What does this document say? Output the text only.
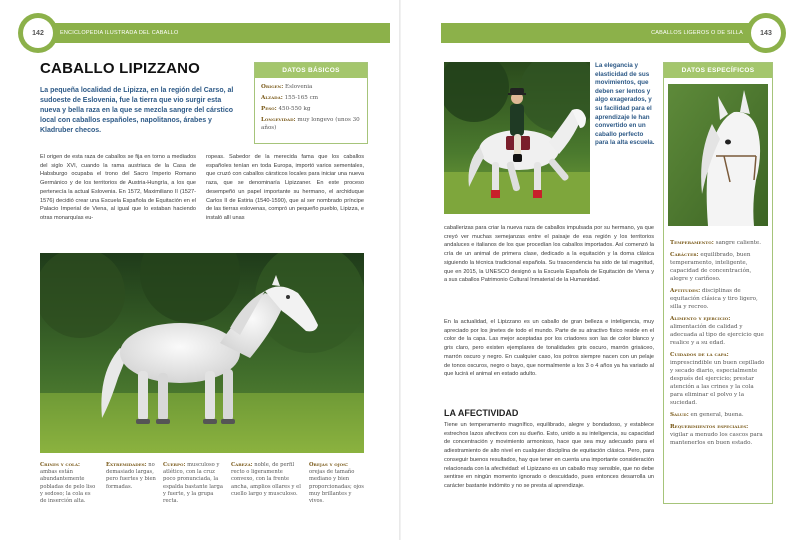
ENCICLOPEDIA ILUSTRADA DEL CABALLO
142
CABALLO LIPIZZANO
La pequeña localidad de Lipizza, en la región del Carso, al sudoeste de Eslovenia, fue la tierra que vio surgir esta nueva y bella raza en la que se mezcla sangre del cárstico local con caballos españoles, napolitanos, árabes y Kladruber checos.
DATOS BÁSICOS
Origen: Eslovenia
Alzada: 155-165 cm
Peso: 450-550 kg
Longevidad: muy longevo (unos 30 años)
El origen de esta raza de caballos se fija en torno a mediados del siglo XVI, cuando la rama austriaca de la Casa de Habsburgo ocupaba el trono del Sacro Imperio Romano Germánico y de los territorios de Austria-Hungría, a los que pertenecía la actual Eslovenia. En 1572, Maximiliano II (1527-1576) decidió crear una Escuela Española de Equitación en el Palacio Imperial de Viena, al igual que lo estaban haciendo otras monarquías eu-
ropeas. Sabedor de la merecida fama que los caballos españoles tenían en toda Europa, importó varios sementales, que cruzó con caballos cársticos locales para iniciar una nueva raza, que se denominaría Lipizzaner. En este proceso desempeñó un papel importante su hermano, el archiduque Carlos II de Estiria (1540-1590), que al ser nombrado príncipe de las tierras eslovenas, compró un pequeño pueblo, Lipizza, e instaló allí unas
Crines y cola: ambas están abundantemente pobladas de pelo liso y sedoso; la cola es de inserción alta.
Extremidades: no demasiado largas, pero fuertes y bien formadas.
Cuerpo: musculoso y atlético, con la cruz poco pronunciada, la espalda bastante larga y fuerte, y la grupa recta.
Cabeza: noble, de perfil recto o ligeramente convexo, con la frente ancha, amplios ollares y el cuello largo y musculoso.
Orejas y ojos: orejas de tamaño mediano y bien proporcionadas; ojos muy brillantes y vivos.
CABALLOS LIGEROS O DE SILLA 143
La elegancia y elasticidad de sus movimientos, que deben ser lentos y algo exagerados, y su facilidad para el aprendizaje le han convertido en un caballo perfecto para la alta escuela.
DATOS ESPECÍFICOS
Temperamento: sangre caliente.
Carácter: equilibrado, buen temperamento, inteligente, capacidad de concentración, alegre y cariñoso.
Aptitudes: disciplinas de equitación clásica y tiro ligero, silla y recreo.
Alimento y ejercicio: alimentación de calidad y adecuada al tipo de ejercicio que realice y a su edad.
Cuidados de la capa: imprescindible un buen cepillado y secado diario, especialmente después del ejercicio; prestar atención a las crines y la cola para eliminar el polvo y la suciedad.
Salud: en general, buena.
Requerimientos especiales: vigilar a menudo los cascos para mantenerlos en buen estado.
caballerizas para criar la nueva raza de caballos impulsada por su hermano, ya que creyó ver muchas semejanzas entre el paisaje de esa región y los territorios andaluces e italianos de los que procedían los caballos importados. Así comenzó la cría de un animal de primera clase, dedicado a la equitación y la doma clásica siguiendo la técnica tradicional española. Su trascendencia ha sido de tal magnitud, que en 2015, la UNESCO designó a la Escuela Española de Equitación de Viena y a sus caballos Patrimonio Cultural Inmaterial de la Humanidad.
En la actualidad, el Lipizzano es un caballo de gran belleza e inteligencia, muy apreciado por los jinetes de todo el mundo. Parte de su atractivo físico reside en el color de la capa. Las mejor aceptadas por los criadores son las de color blanco y gris claro, pero existen ejemplares de tonalidades gris oscuro, marrón grisáceo, marrón oscuro y negro. En cualquier caso, los potros siempre nacen con un pelaje de tonos oscuros, negro o bayo, que normalmente a los 3 o 4 años ya ha variado al que lucirá el animal en estado adulto.
LA AFECTIVIDAD
Tiene un temperamento magnífico, equilibrado, alegre y bondadoso, y establece estrechos lazos afectivos con su dueño. Esto, unido a su inteligencia, su capacidad de concentración y movimiento armonioso, hace que sea muy adecuado para el adiestramiento de alto nivel en cualquier disciplina de equitación clásica. Pero, para conseguir buenos resultados, hay que tener en cuenta una importante consideración relacionada con la afectividad: el Lipizzano es un caballo muy sensible, que no debe sentirse en ningún momento ignorado o descuidado, pues entonces desarrolla un carácter bastante indómito y no se presta al aprendizaje.
